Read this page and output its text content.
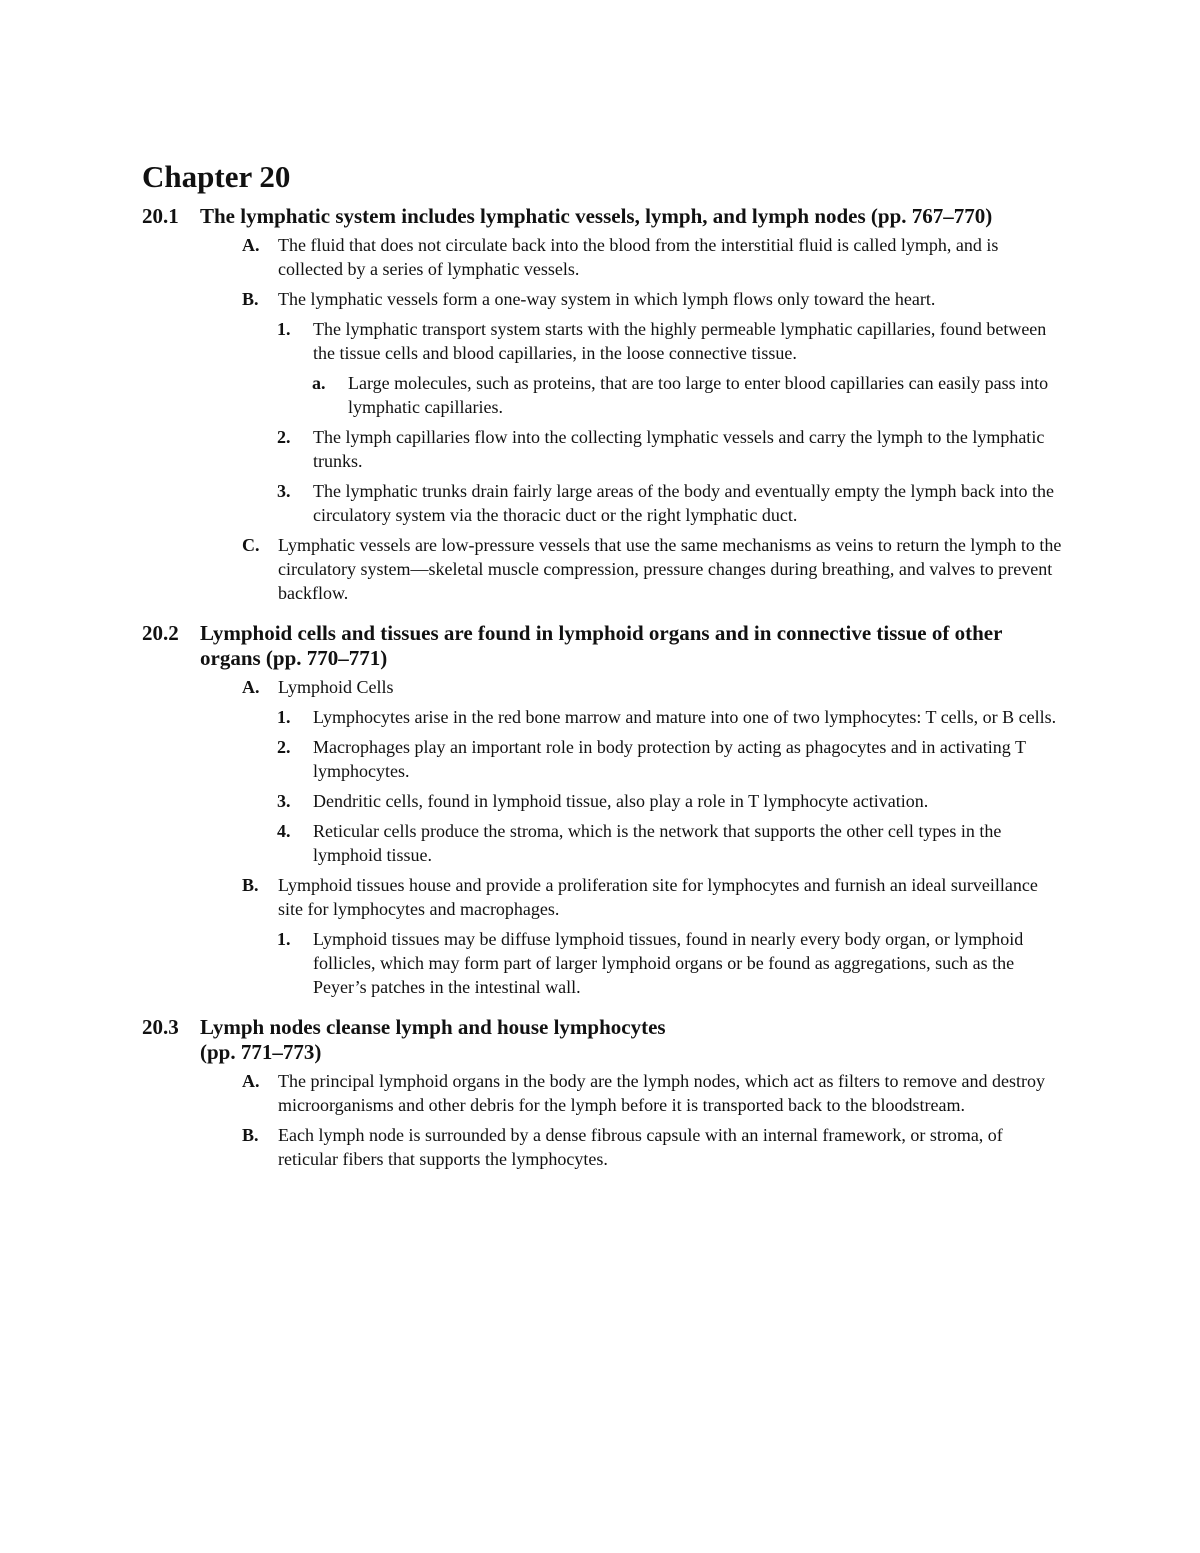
Chapter 20
20.1 The lymphatic system includes lymphatic vessels, lymph, and lymph nodes (pp. 767–770)
A. The fluid that does not circulate back into the blood from the interstitial fluid is called lymph, and is collected by a series of lymphatic vessels.
B. The lymphatic vessels form a one-way system in which lymph flows only toward the heart.
1. The lymphatic transport system starts with the highly permeable lymphatic capillaries, found between the tissue cells and blood capillaries, in the loose connective tissue.
a. Large molecules, such as proteins, that are too large to enter blood capillaries can easily pass into lymphatic capillaries.
2. The lymph capillaries flow into the collecting lymphatic vessels and carry the lymph to the lymphatic trunks.
3. The lymphatic trunks drain fairly large areas of the body and eventually empty the lymph back into the circulatory system via the thoracic duct or the right lymphatic duct.
C. Lymphatic vessels are low-pressure vessels that use the same mechanisms as veins to return the lymph to the circulatory system—skeletal muscle compression, pressure changes during breathing, and valves to prevent backflow.
20.2 Lymphoid cells and tissues are found in lymphoid organs and in connective tissue of other organs (pp. 770–771)
A. Lymphoid Cells
1. Lymphocytes arise in the red bone marrow and mature into one of two lymphocytes: T cells, or B cells.
2. Macrophages play an important role in body protection by acting as phagocytes and in activating T lymphocytes.
3. Dendritic cells, found in lymphoid tissue, also play a role in T lymphocyte activation.
4. Reticular cells produce the stroma, which is the network that supports the other cell types in the lymphoid tissue.
B. Lymphoid tissues house and provide a proliferation site for lymphocytes and furnish an ideal surveillance site for lymphocytes and macrophages.
1. Lymphoid tissues may be diffuse lymphoid tissues, found in nearly every body organ, or lymphoid follicles, which may form part of larger lymphoid organs or be found as aggregations, such as the Peyer’s patches in the intestinal wall.
20.3 Lymph nodes cleanse lymph and house lymphocytes
(pp. 771–773)
A. The principal lymphoid organs in the body are the lymph nodes, which act as filters to remove and destroy microorganisms and other debris for the lymph before it is transported back to the bloodstream.
B. Each lymph node is surrounded by a dense fibrous capsule with an internal framework, or stroma, of reticular fibers that supports the lymphocytes.
